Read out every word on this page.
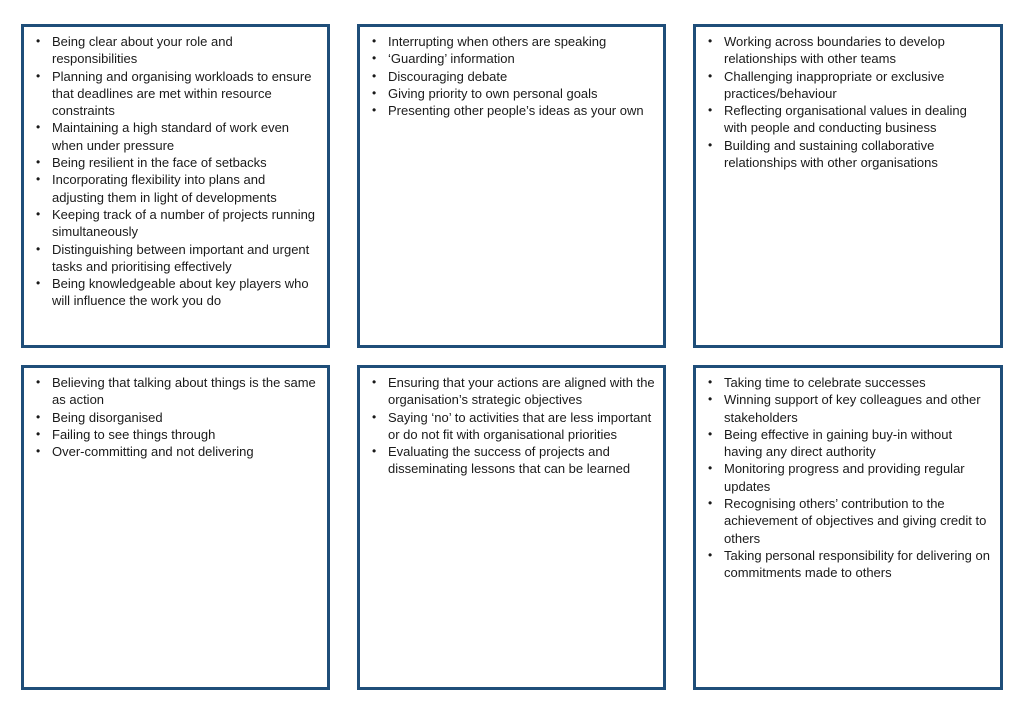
• Being clear about your role and responsibilities
• Planning and organising workloads to ensure that deadlines are met within resource constraints
• Maintaining a high standard of work even when under pressure
• Being resilient in the face of setbacks
• Incorporating flexibility into plans and adjusting them in light of developments
• Keeping track of a number of projects running simultaneously
• Distinguishing between important and urgent tasks and prioritising effectively
• Being knowledgeable about key players who will influence the work you do
• Interrupting when others are speaking
• ‘Guarding’ information
• Discouraging debate
• Giving priority to own personal goals
• Presenting other people’s ideas as your own
• Working across boundaries to develop relationships with other teams
• Challenging inappropriate or exclusive practices/behaviour
• Reflecting organisational values in dealing with people and conducting business
• Building and sustaining collaborative relationships with other organisations
• Believing that talking about things is the same as action
• Being disorganised
• Failing to see things through
• Over-committing and not delivering
• Ensuring that your actions are aligned with the organisation’s strategic objectives
• Saying ‘no’ to activities that are less important or do not fit with organisational priorities
• Evaluating the success of projects and disseminating lessons that can be learned
• Taking time to celebrate successes
• Winning support of key colleagues and other stakeholders
• Being effective in gaining buy-in without having any direct authority
• Monitoring progress and providing regular updates
• Recognising others’ contribution to the achievement of objectives and giving credit to others
• Taking personal responsibility for delivering on commitments made to others
